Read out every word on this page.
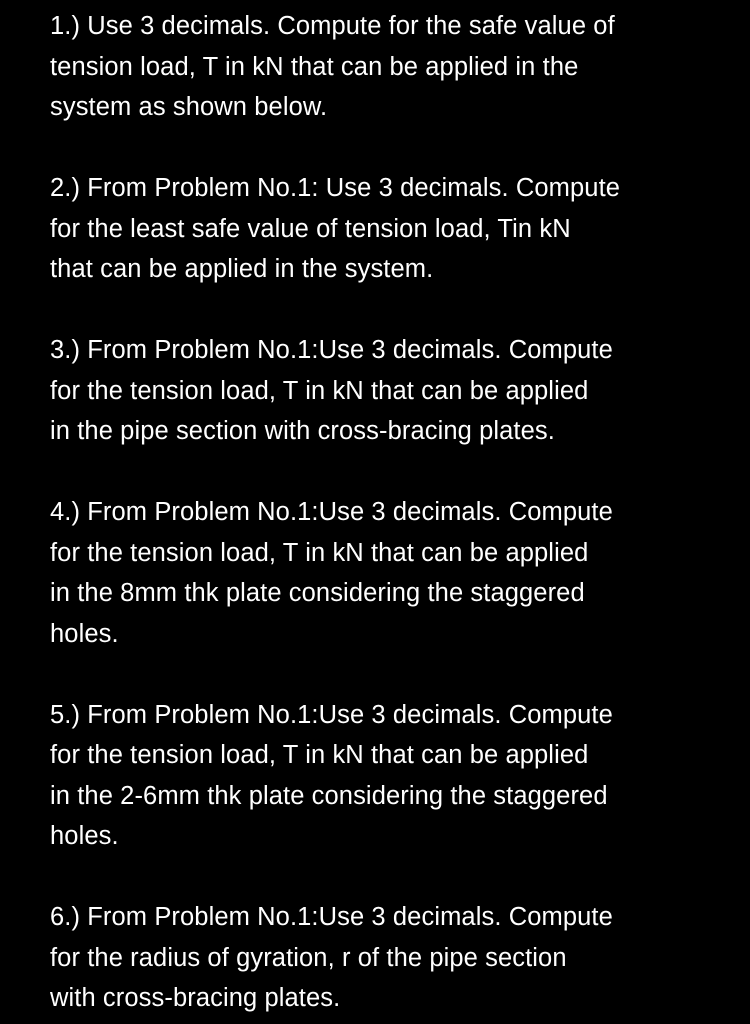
1.) Use 3 decimals. Compute for the safe value of
tension load, T in kN that can be applied in the
system as shown below.
2.) From Problem No.1: Use 3 decimals. Compute
for the least safe value of tension load, Tin kN
that can be applied in the system.
3.) From Problem No.1:Use 3 decimals. Compute
for the tension load, T in kN that can be applied
in the pipe section with cross-bracing plates.
4.) From Problem No.1:Use 3 decimals. Compute
for the tension load, T in kN that can be applied
in the 8mm thk plate considering the staggered
holes.
5.) From Problem No.1:Use 3 decimals. Compute
for the tension load, T in kN that can be applied
in the 2-6mm thk plate considering the staggered
holes.
6.) From Problem No.1:Use 3 decimals. Compute
for the radius of gyration, r of the pipe section
with cross-bracing plates.
